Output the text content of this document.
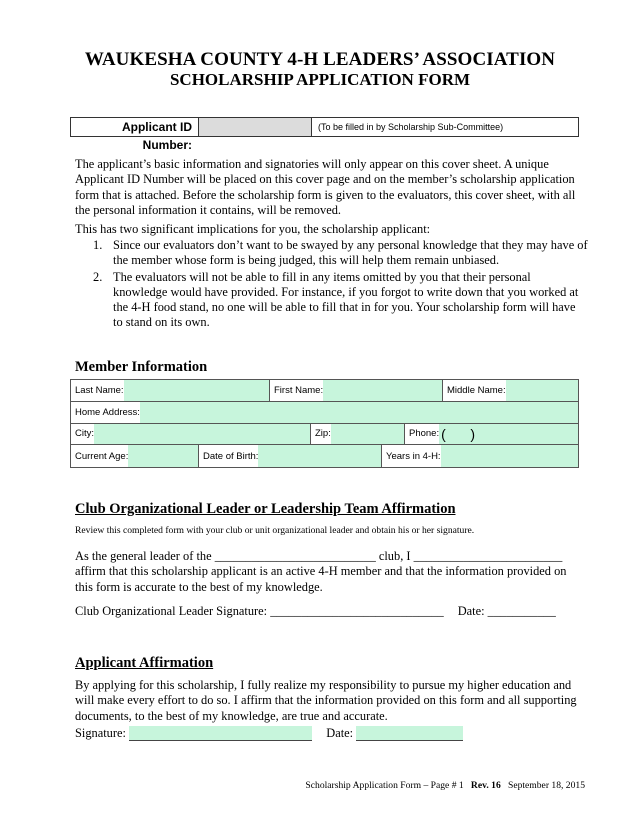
WAUKESHA COUNTY 4-H LEADERS’ ASSOCIATION
SCHOLARSHIP APPLICATION FORM
Applicant ID Number:
(To be filled in by Scholarship Sub-Committee)
The applicant’s basic information and signatories will only appear on this cover sheet. A unique Applicant ID Number will be placed on this cover page and on the member’s scholarship application form that is attached. Before the scholarship form is given to the evaluators, this cover sheet, with all the personal information it contains, will be removed.
This has two significant implications for you, the scholarship applicant:
1. Since our evaluators don’t want to be swayed by any personal knowledge that they may have of the member whose form is being judged, this will help them remain unbiased.
2. The evaluators will not be able to fill in any items omitted by you that their personal knowledge would have provided. For instance, if you forgot to write down that you worked at the 4-H food stand, no one will be able to fill that in for you. Your scholarship form will have to stand on its own.
Member Information
Last Name:	First Name:	Middle Name:
Home Address:
City:	Zip:	Phone: ( )
Current Age:	Date of Birth:	Years in 4-H:
Club Organizational Leader or Leadership Team Affirmation
Review this completed form with your club or unit organizational leader and obtain his or her signature.
As the general leader of the __________________________ club, I ________________________
affirm that this scholarship applicant is an active 4-H member and that the information provided on this form is accurate to the best of my knowledge.
Club Organizational Leader Signature: ____________________________ Date: ___________
Applicant Affirmation
By applying for this scholarship, I fully realize my responsibility to pursue my higher education and will make every effort to do so. I affirm that the information provided on this form and all supporting documents, to the best of my knowledge, are true and accurate.
Signature:	Date:
Scholarship Application Form – Page # 1 Rev. 16 September 18, 2015
